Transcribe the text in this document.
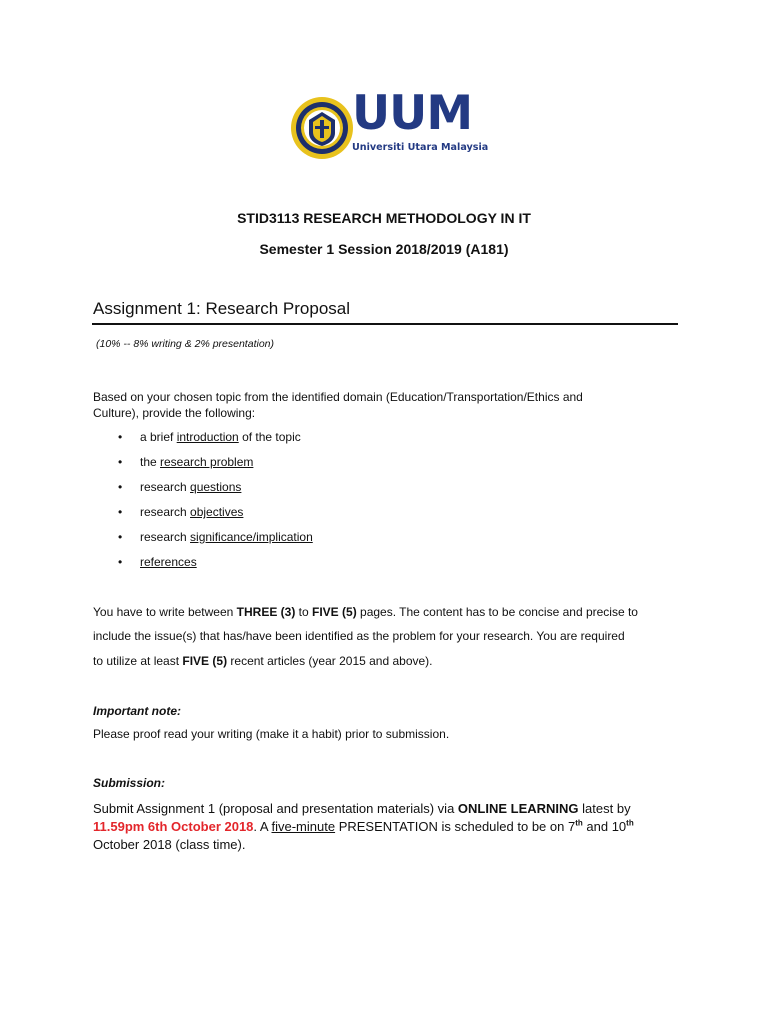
UUM
Universiti Utara Malaysia
STID3113 RESEARCH METHODOLOGY IN IT
Semester 1 Session 2018/2019 (A181)
Assignment 1: Research Proposal
(10% -- 8% writing & 2% presentation)
Based on your chosen topic from the identified domain (Education/Transportation/Ethics and
Culture), provide the following:
• a brief introduction of the topic
• the research problem
• research questions
• research objectives
• research significance/implication
• references
You have to write between THREE (3) to FIVE (5) pages. The content has to be concise and precise to
include the issue(s) that has/have been identified as the problem for your research. You are required
to utilize at least FIVE (5) recent articles (year 2015 and above).
Important note:
Please proof read your writing (make it a habit) prior to submission.
Submission:
Submit Assignment 1 (proposal and presentation materials) via ONLINE LEARNING latest by
11.59pm 6th October 2018. A five-minute PRESENTATION is scheduled to be on 7th and 10th
October 2018 (class time).
